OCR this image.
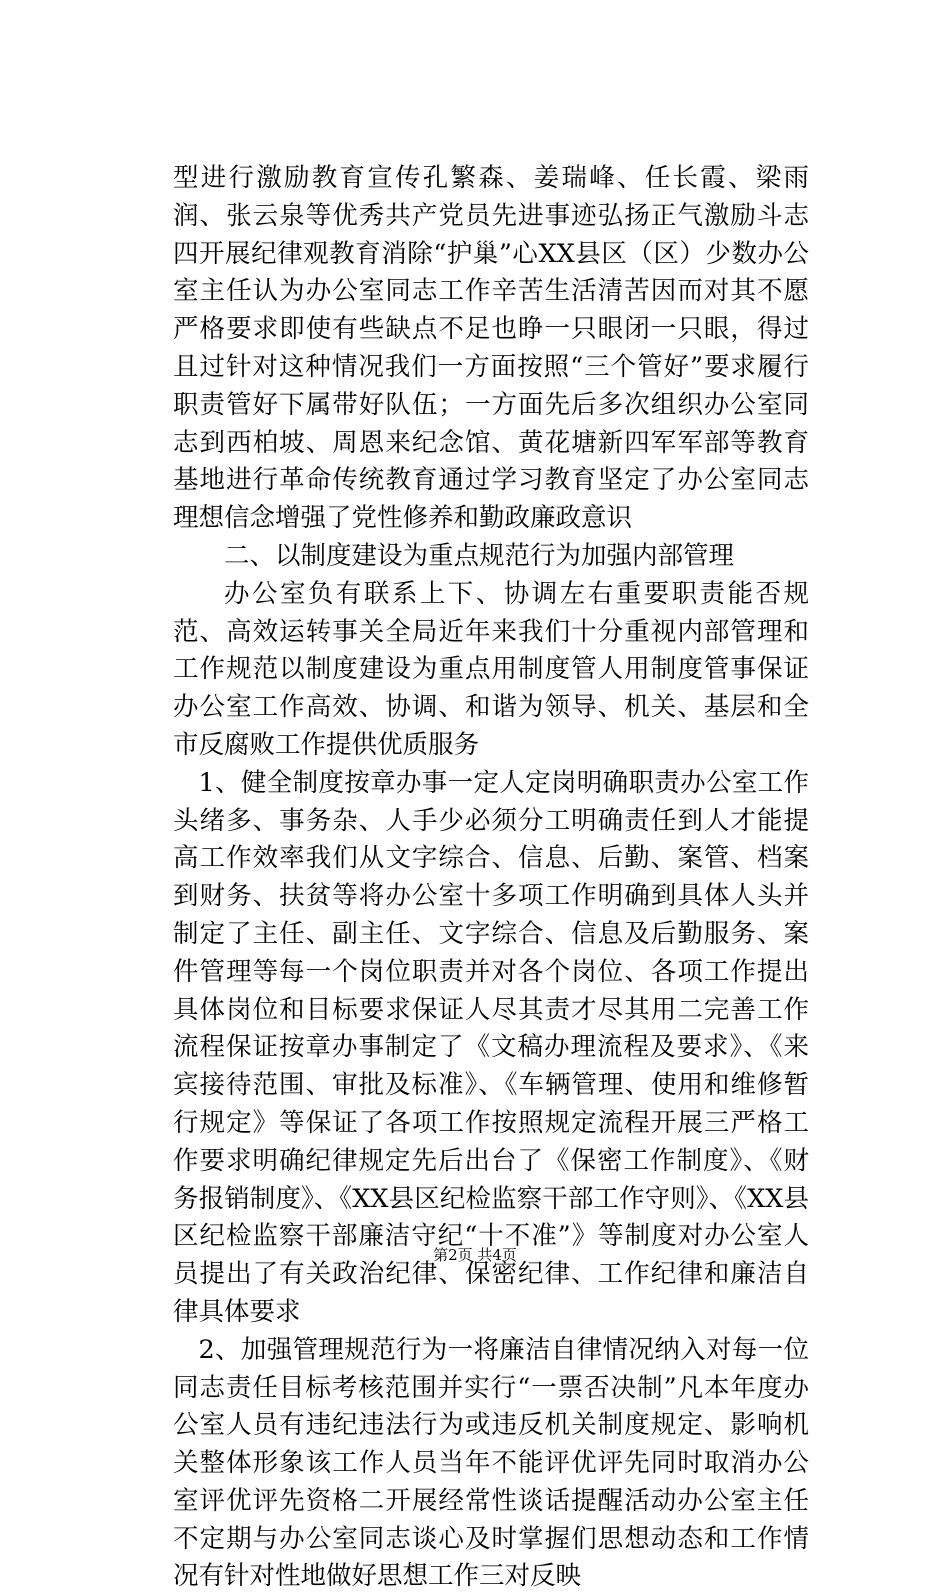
型进行激励教育宣传孔繁森、姜瑞峰、任长霞、梁雨润、张云泉等优秀共产党员先进事迹弘扬正气激励斗志四开展纪律观教育消除“护巢”心XX县区（区）少数办公室主任认为办公室同志工作辛苦生活清苦因而对其不愿严格要求即使有些缺点不足也睁一只眼闭一只眼，得过且过针对这种情况我们一方面按照“三个管好”要求履行职责管好下属带好队伍；一方面先后多次组织办公室同志到西柏坡、周恩来纪念馆、黄花塘新四军军部等教育基地进行革命传统教育通过学习教育坚定了办公室同志理想信念增强了党性修养和勤政廉政意识

二、以制度建设为重点规范行为加强内部管理

办公室负有联系上下、协调左右重要职责能否规范、高效运转事关全局近年来我们十分重视内部管理和工作规范以制度建设为重点用制度管人用制度管事保证办公室工作高效、协调、和谐为领导、机关、基层和全市反腐败工作提供优质服务

1、健全制度按章办事一定人定岗明确职责办公室工作头绪多、事务杂、人手少必须分工明确责任到人才能提高工作效率我们从文字综合、信息、后勤、案管、档案到财务、扶贫等将办公室十多项工作明确到具体人头并制定了主任、副主任、文字综合、信息及后勤服务、案件管理等每一个岗位职责并对各个岗位、各项工作提出具体岗位和目标要求保证人尽其责才尽其用二完善工作流程保证按章办事制定了《文稿办理流程及要求》、《来宾接待范围、审批及标准》、《车辆管理、使用和维修暂行规定》等保证了各项工作按照规定流程开展三严格工作要求明确纪律规定先后出台了《保密工作制度》、《财务报销制度》、《XX县区纪检监察干部工作守则》、《XX县区纪检监察干部廉洁守纪“十不准”》等制度对办公室人员提出了有关政治纪律、保密纪律、工作纪律和廉洁自律具体要求

2、加强管理规范行为一将廉洁自律情况纳入对每一位同志责任目标考核范围并实行“一票否决制”凡本年度办公室人员有违纪违法行为或违反机关制度规定、影响机关整体形象该工作人员当年不能评优评先同时取消办公室评优评先资格二开展经常性谈话提醒活动办公室主任不定期与办公室同志谈心及时掌握们思想动态和工作情况有针对性地做好思想工作三对反映

第2页 共4页
